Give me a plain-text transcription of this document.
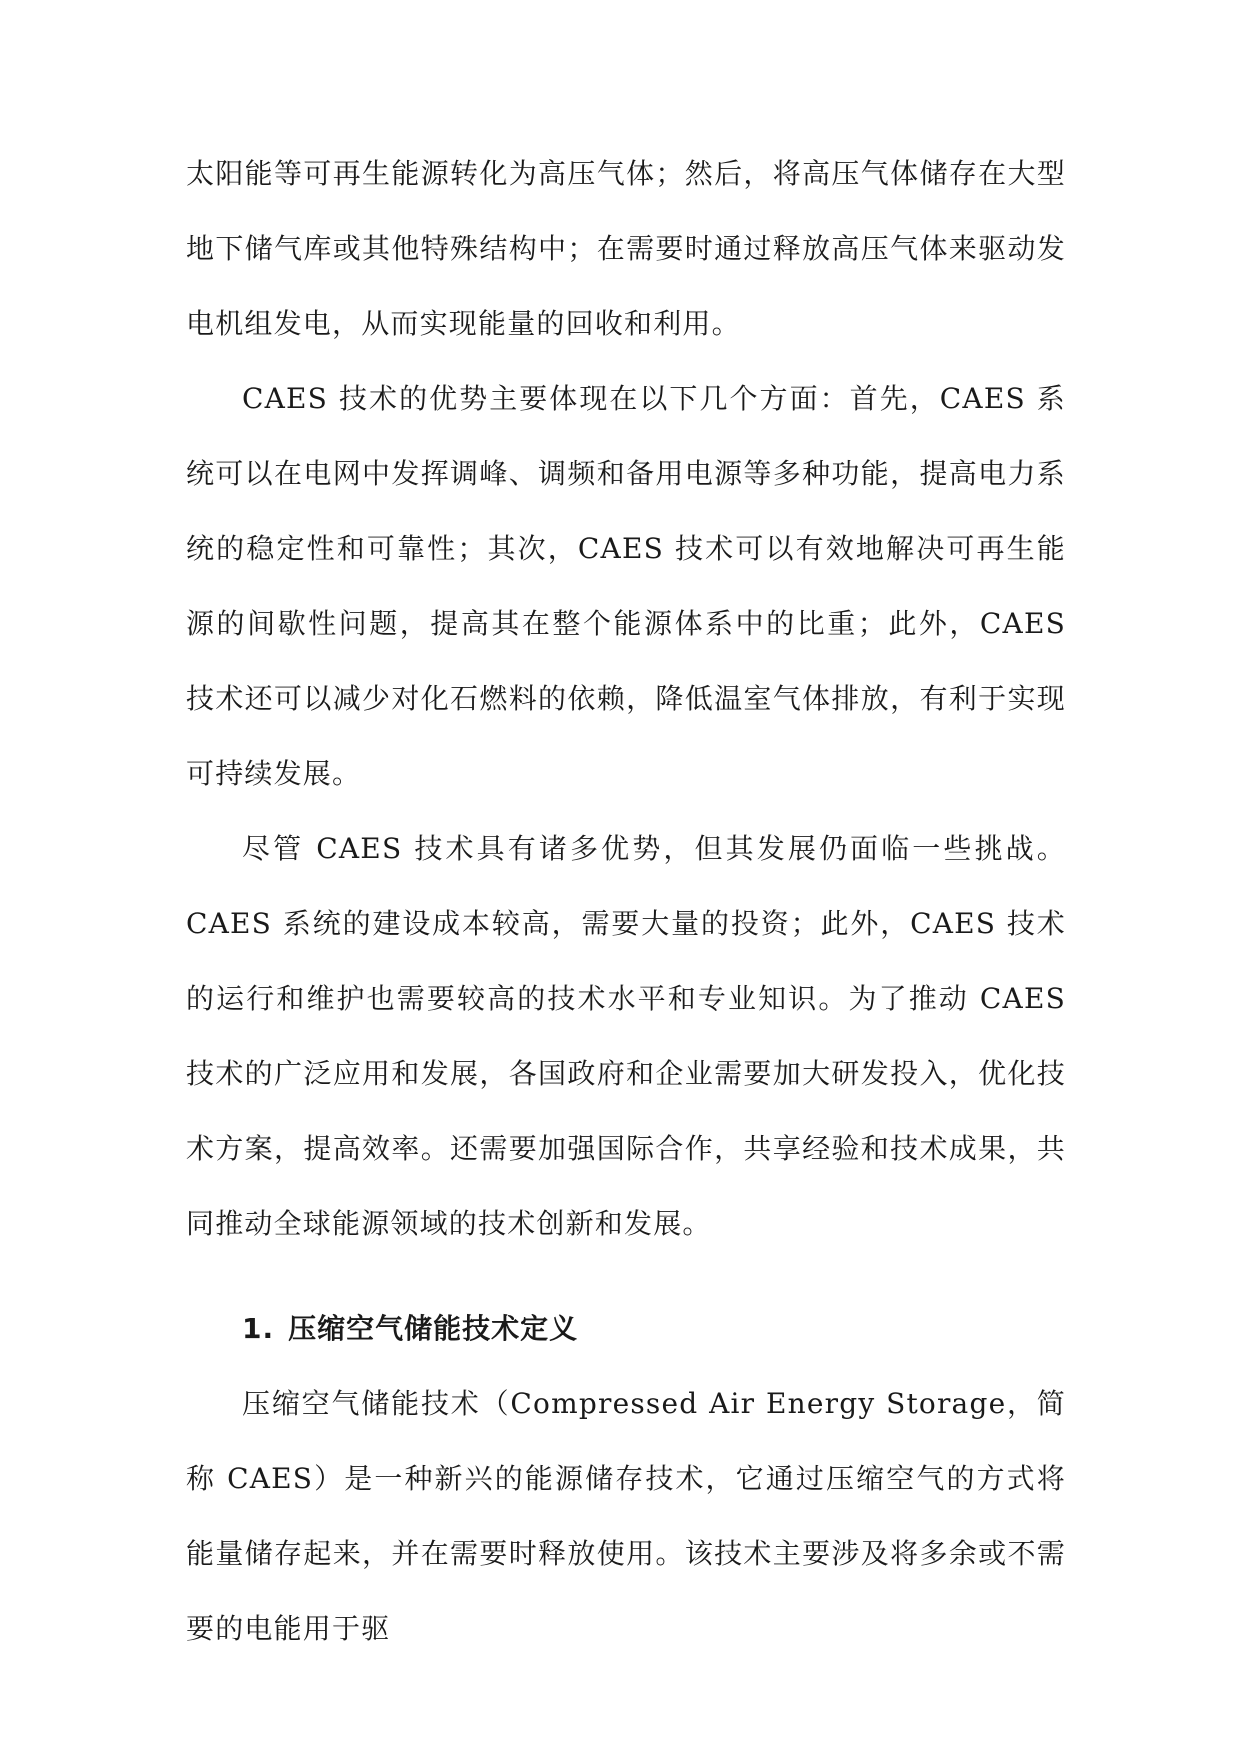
太阳能等可再生能源转化为高压气体；然后，将高压气体储存在大型地下储气库或其他特殊结构中；在需要时通过释放高压气体来驱动发电机组发电，从而实现能量的回收和利用。

CAES 技术的优势主要体现在以下几个方面：首先，CAES 系统可以在电网中发挥调峰、调频和备用电源等多种功能，提高电力系统的稳定性和可靠性；其次，CAES 技术可以有效地解决可再生能源的间歇性问题，提高其在整个能源体系中的比重；此外，CAES 技术还可以减少对化石燃料的依赖，降低温室气体排放，有利于实现可持续发展。

尽管 CAES 技术具有诸多优势，但其发展仍面临一些挑战。CAES 系统的建设成本较高，需要大量的投资；此外，CAES 技术的运行和维护也需要较高的技术水平和专业知识。为了推动 CAES 技术的广泛应用和发展，各国政府和企业需要加大研发投入，优化技术方案，提高效率。还需要加强国际合作，共享经验和技术成果，共同推动全球能源领域的技术创新和发展。

1. 压缩空气储能技术定义

压缩空气储能技术（Compressed Air Energy Storage，简称 CAES）是一种新兴的能源储存技术，它通过压缩空气的方式将能量储存起来，并在需要时释放使用。该技术主要涉及将多余或不需要的电能用于驱
